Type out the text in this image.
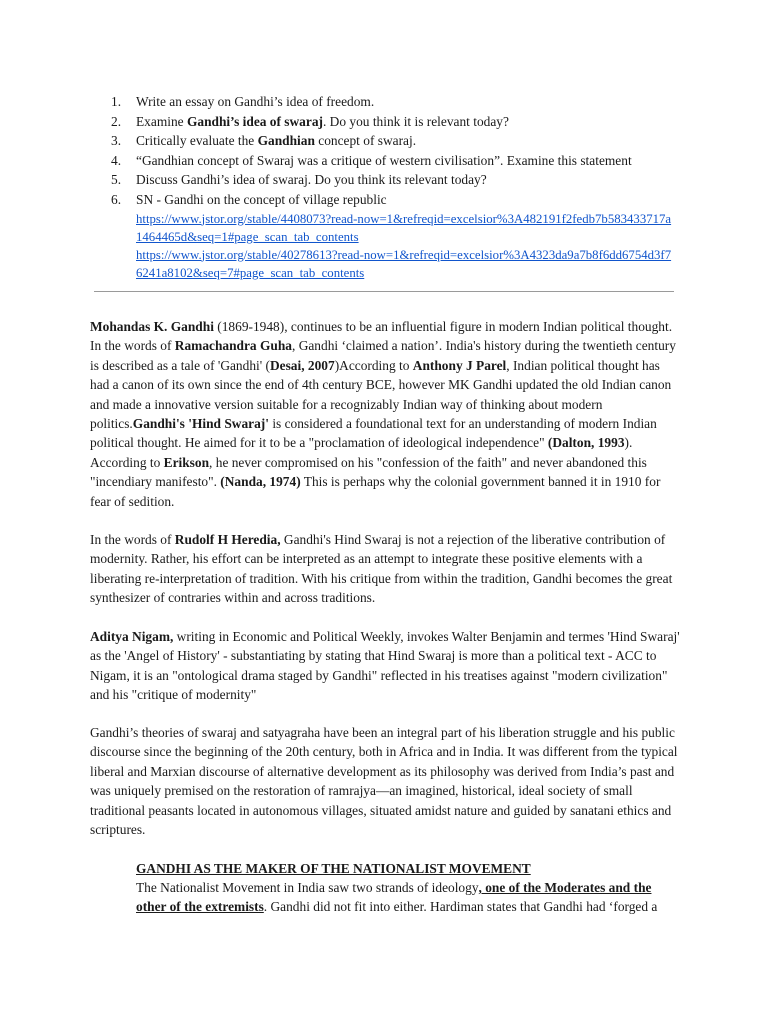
1.	Write an essay on Gandhi’s idea of freedom.
2.	Examine Gandhi’s idea of swaraj. Do you think it is relevant today?
3.	Critically evaluate the Gandhian concept of swaraj.
4.	“Gandhian concept of Swaraj was a critique of western civilisation”. Examine this statement
5.	Discuss Gandhi’s idea of swaraj. Do you think its relevant today?
6.	SN - Gandhi on the concept of village republic
https://www.jstor.org/stable/4408073?read-now=1&refreqid=excelsior%3A482191f2fedb7b583433717a1464465d&seq=1#page_scan_tab_contents
https://www.jstor.org/stable/40278613?read-now=1&refreqid=excelsior%3A4323da9a7b8f6dd6754d3f76241a8102&seq=7#page_scan_tab_contents

Mohandas K. Gandhi (1869-1948), continues to be an influential figure in modern Indian political thought. In the words of Ramachandra Guha, Gandhi ‘claimed a nation’. India's history during the twentieth century is described as a tale of 'Gandhi' (Desai, 2007)According to Anthony J Parel, Indian political thought has had a canon of its own since the end of 4th century BCE, however MK Gandhi updated the old Indian canon and made a innovative version suitable for a recognizably Indian way of thinking about modern politics.Gandhi's 'Hind Swaraj' is considered a foundational text for an understanding of modern Indian political thought. He aimed for it to be a "proclamation of ideological independence" (Dalton, 1993). According to Erikson, he never compromised on his "confession of the faith" and never abandoned this "incendiary manifesto". (Nanda, 1974) This is perhaps why the colonial government banned it in 1910 for fear of sedition.

In the words of Rudolf H Heredia, Gandhi's Hind Swaraj is not a rejection of the liberative contribution of modernity. Rather, his effort can be interpreted as an attempt to integrate these positive elements with a liberating re-interpretation of tradition. With his critique from within the tradition, Gandhi becomes the great synthesizer of contraries within and across traditions.

Aditya Nigam, writing in Economic and Political Weekly, invokes Walter Benjamin and termes 'Hind Swaraj' as the 'Angel of History' - substantiating by stating that Hind Swaraj is more than a political text - ACC to Nigam, it is an "ontological drama staged by Gandhi" reflected in his treatises against "modern civilization" and his "critique of modernity"

Gandhi’s theories of swaraj and satyagraha have been an integral part of his liberation struggle and his public discourse since the beginning of the 20th century, both in Africa and in India. It was different from the typical liberal and Marxian discourse of alternative development as its philosophy was derived from India’s past and was uniquely premised on the restoration of ramrajya—an imagined, historical, ideal society of small traditional peasants located in autonomous villages, situated amidst nature and guided by sanatani ethics and scriptures.

GANDHI AS THE MAKER OF THE NATIONALIST MOVEMENT

The Nationalist Movement in India saw two strands of ideology, one of the Moderates and the other of the extremists. Gandhi did not fit into either. Hardiman states that Gandhi had ‘forged a
